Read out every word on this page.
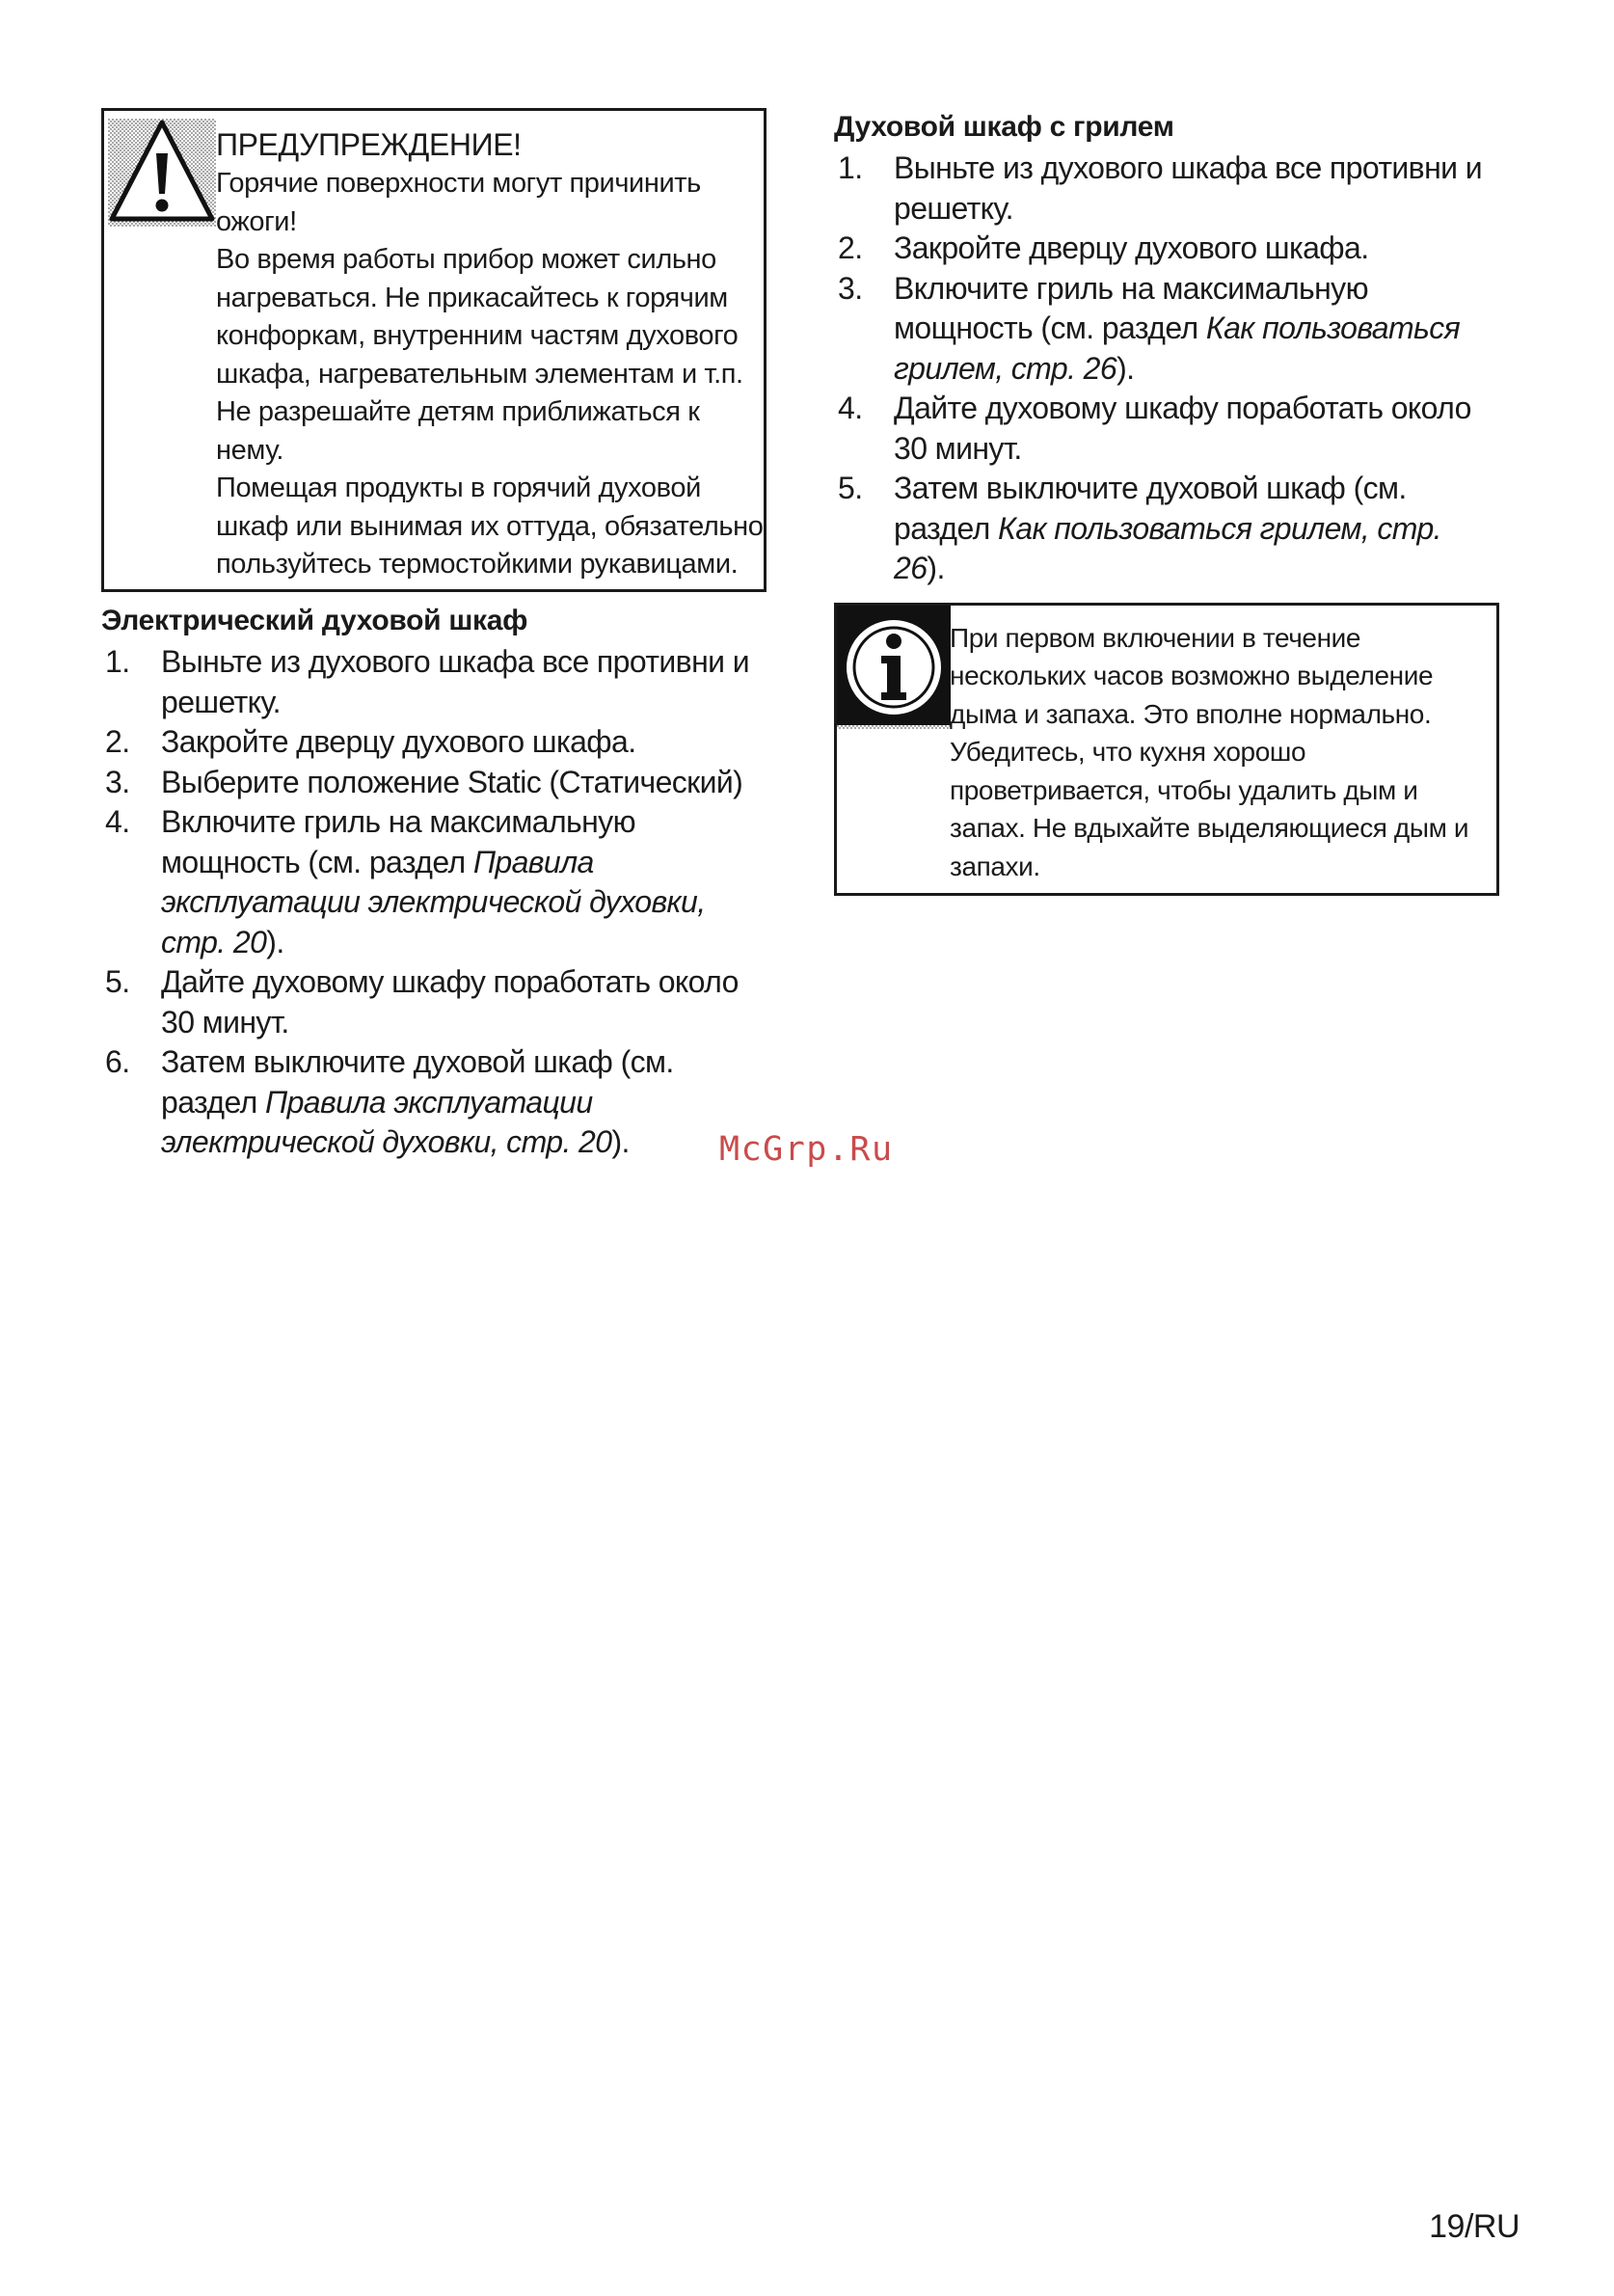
ПРЕДУПРЕЖДЕНИЕ!

Горячие поверхности могут причинить ожоги!

Во время работы прибор может сильно нагреваться. Не прикасайтесь к горячим конфоркам, внутренним частям духового шкафа, нагревательным элементам и т.п.

Не разрешайте детям приближаться к нему.

Помещая продукты в горячий духовой шкаф или вынимая их оттуда, обязательно пользуйтесь термостойкими рукавицами.

Электрический духовой шкаф
1. Выньте из духового шкафа все противни и решетку.
2. Закройте дверцу духового шкафа.
3. Выберите положение Static (Статический)
4. Включите гриль на максимальную мощность (см. раздел Правила эксплуатации электрической духовки, стр. 20).
5. Дайте духовому шкафу поработать около 30 минут.
6. Затем выключите духовой шкаф (см. раздел Правила эксплуатации электрической духовки, стр. 20).
Духовой шкаф с грилем
1. Выньте из духового шкафа все противни и решетку.
2. Закройте дверцу духового шкафа.
3. Включите гриль на максимальную мощность (см. раздел Как пользоваться грилем, стр. 26).
4. Дайте духовому шкафу поработать около 30 минут.
5. Затем выключите духовой шкаф (см. раздел Как пользоваться грилем, стр. 26).
При первом включении в течение нескольких часов возможно выделение дыма и запаха. Это вполне нормально. Убедитесь, что кухня хорошо проветривается, чтобы удалить дым и запах. Не вдыхайте выделяющиеся дым и запахи.
McGrp.Ru
19/RU
